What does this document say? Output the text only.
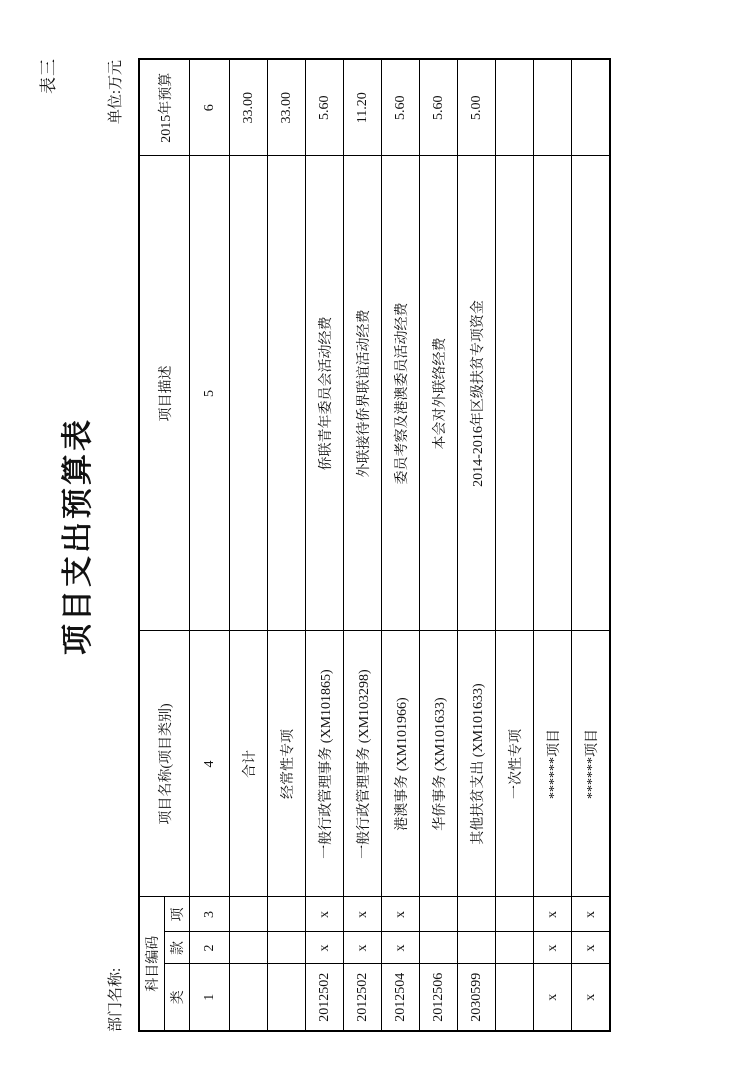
表三
项目支出预算表
部门名称:
单位:万元
科目编码			项目名称(项目类别)	项目描述	2015年预算
类	款	项			
1	2	3	4	5	6
			合计		33.00
			经常性专项		33.00
2012502	x	x	一般行政管理事务 (XM101865)	侨联青年委员会活动经费	5.60
2012502	x	x	一般行政管理事务 (XM103298)	外联接待侨界联谊活动经费	11.20
2012504	x	x	港澳事务 (XM101966)	委员考察及港澳委员活动经费	5.60
2012506			华侨事务 (XM101633)	本会对外联络经费	5.60
2030599			其他扶贫支出 (XM101633)	2014-2016年区级扶贫专项资金	5.00
			一次性专项		
x	x	x	******项目		
x	x	x	******项目		
